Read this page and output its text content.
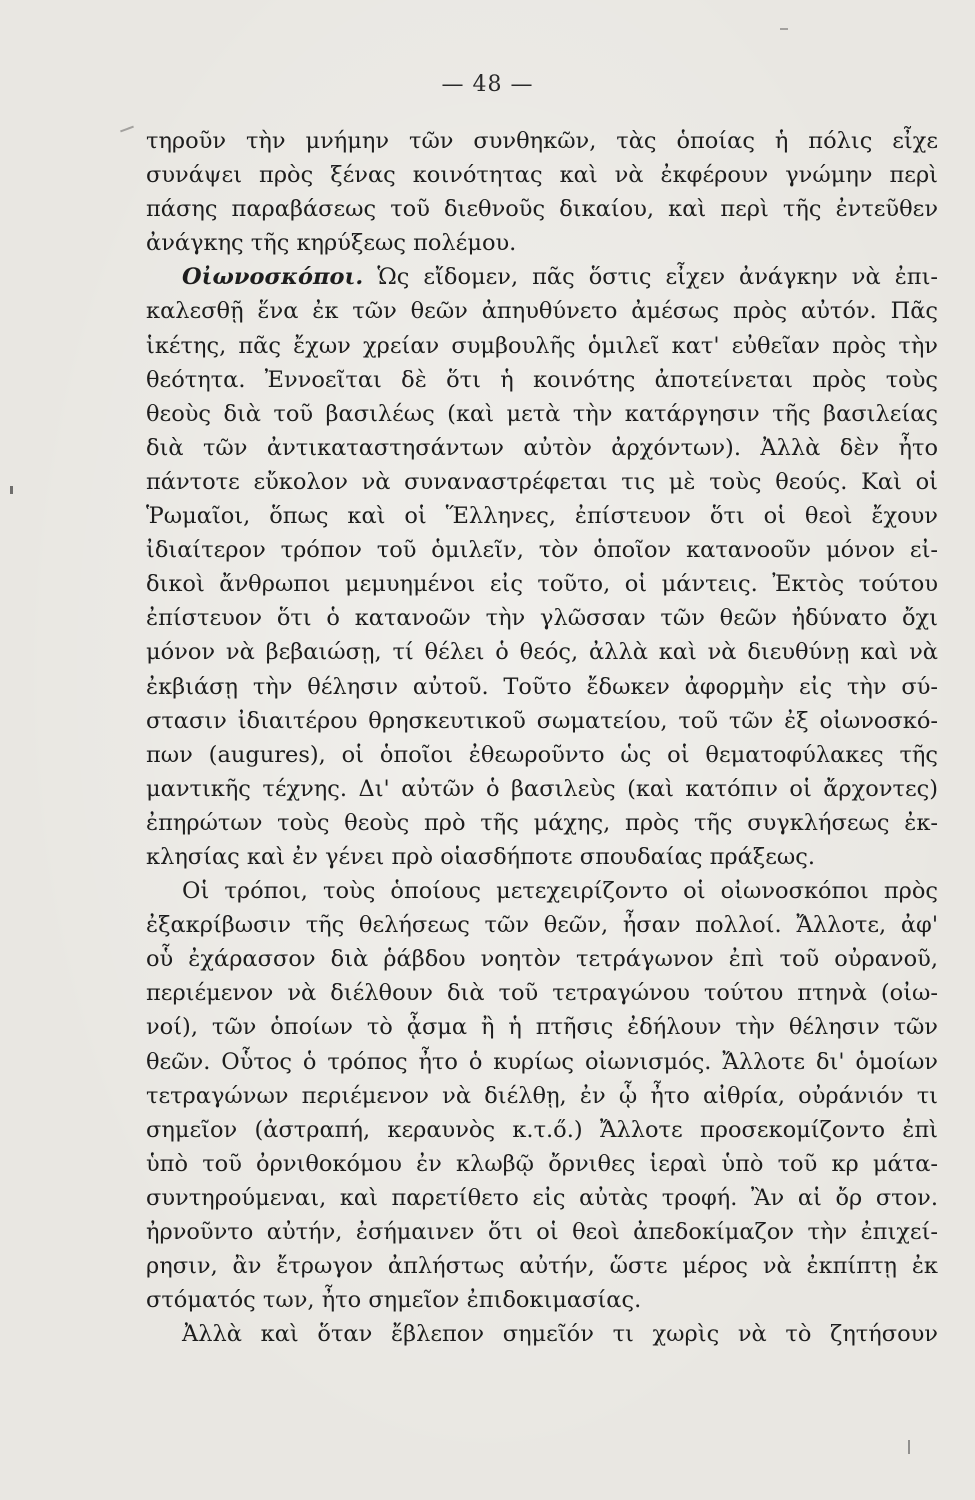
— 48 —
τηροῦν τὴν μνήμην τῶν συνθηκῶν, τὰς ὁποίας ἡ πόλις εἶχε
συνάψει πρὸς ξένας κοινότητας καὶ νὰ ἐκφέρουν γνώμην περὶ
πάσης παραβάσεως τοῦ διεθνοῦς δικαίου, καὶ περὶ τῆς ἐντεῦθεν
ἀνάγκης τῆς κηρύξεως πολέμου.
Οἰωνοσκόποι. Ὡς εἴδομεν, πᾶς ὅστις εἶχεν ἀνάγκην νὰ ἐπι-
καλεσθῇ ἕνα ἐκ τῶν θεῶν ἀπηυθύνετο ἀμέσως πρὸς αὐτόν. Πᾶς
ἱκέτης, πᾶς ἔχων χρείαν συμβουλῆς ὁμιλεῖ κατ' εὐθεῖαν πρὸς τὴν
θεότητα. Ἐννοεῖται δὲ ὅτι ἡ κοινότης ἀποτείνεται πρὸς τοὺς
θεοὺς διὰ τοῦ βασιλέως (καὶ μετὰ τὴν κατάργησιν τῆς βασιλείας
διὰ τῶν ἀντικαταστησάντων αὐτὸν ἀρχόντων). Ἀλλὰ δὲν ἦτο
πάντοτε εὔκολον νὰ συναναστρέφεται τις μὲ τοὺς θεούς. Καὶ οἱ
Ῥωμαῖοι, ὅπως καὶ οἱ Ἕλληνες, ἐπίστευον ὅτι οἱ θεοὶ ἔχουν
ἰδιαίτερον τρόπον τοῦ ὁμιλεῖν, τὸν ὁποῖον κατανοοῦν μόνον εἰ-
δικοὶ ἄνθρωποι μεμυημένοι εἰς τοῦτο, οἱ μάντεις. Ἐκτὸς τούτου
ἐπίστευον ὅτι ὁ κατανοῶν τὴν γλῶσσαν τῶν θεῶν ἠδύνατο ὄχι
μόνον νὰ βεβαιώσῃ, τί θέλει ὁ θεός, ἀλλὰ καὶ νὰ διευθύνῃ καὶ νὰ
ἐκβιάσῃ τὴν θέλησιν αὐτοῦ. Τοῦτο ἔδωκεν ἀφορμὴν εἰς τὴν σύ-
στασιν ἰδιαιτέρου θρησκευτικοῦ σωματείου, τοῦ τῶν ἐξ οἰωνοσκό-
πων (augures), οἱ ὁποῖοι ἐθεωροῦντο ὡς οἱ θεματοφύλακες τῆς
μαντικῆς τέχνης. Δι' αὐτῶν ὁ βασιλεὺς (καὶ κατόπιν οἱ ἄρχοντες)
ἐπηρώτων τοὺς θεοὺς πρὸ τῆς μάχης, πρὸς τῆς συγκλήσεως ἐκ-
κλησίας καὶ ἐν γένει πρὸ οἱασδήποτε σπουδαίας πράξεως.
Οἱ τρόποι, τοὺς ὁποίους μετεχειρίζοντο οἱ οἰωνοσκόποι πρὸς
ἐξακρίβωσιν τῆς θελήσεως τῶν θεῶν, ἦσαν πολλοί. Ἄλλοτε, ἀφ'
οὗ ἐχάρασσον διὰ ῥάβδου νοητὸν τετράγωνον ἐπὶ τοῦ οὐρανοῦ,
περιέμενον νὰ διέλθουν διὰ τοῦ τετραγώνου τούτου πτηνὰ (οἰω-
νοί), τῶν ὁποίων τὸ ᾆσμα ἢ ἡ πτῆσις ἐδήλουν τὴν θέλησιν τῶν
θεῶν. Οὗτος ὁ τρόπος ἦτο ὁ κυρίως οἰωνισμός. Ἄλλοτε δι' ὁμοίων
τετραγώνων περιέμενον νὰ διέλθῃ, ἐν ᾧ ἦτο αἰθρία, οὐράνιόν τι
σημεῖον (ἀστραπή, κεραυνὸς κ.τ.ő.) Ἄλλοτε προσεκομίζοντο ἐπὶ
ὑπὸ τοῦ ὀρνιθοκόμου ἐν κλωβῷ ὄρνιθες ἱεραὶ ὑπὸ τοῦ κρ μάτα-
συντηρούμεναι, καὶ παρετίθετο εἰς αὐτὰς τροφή. Ἂν αἱ ὄρ στον.
ἠρνοῦντο αὐτήν, ἐσήμαινεν ὅτι οἱ θεοὶ ἀπεδοκίμαζον τὴν ἐπιχεί-
ρησιν, ἂν ἔτρωγον ἀπλήστως αὐτήν, ὥστε μέρος νὰ ἐκπίπτῃ ἐκ
στόματός των, ἦτο σημεῖον ἐπιδοκιμασίας.
Ἀλλὰ καὶ ὅταν ἔβλεπον σημεῖόν τι χωρὶς νὰ τὸ ζητήσουν
